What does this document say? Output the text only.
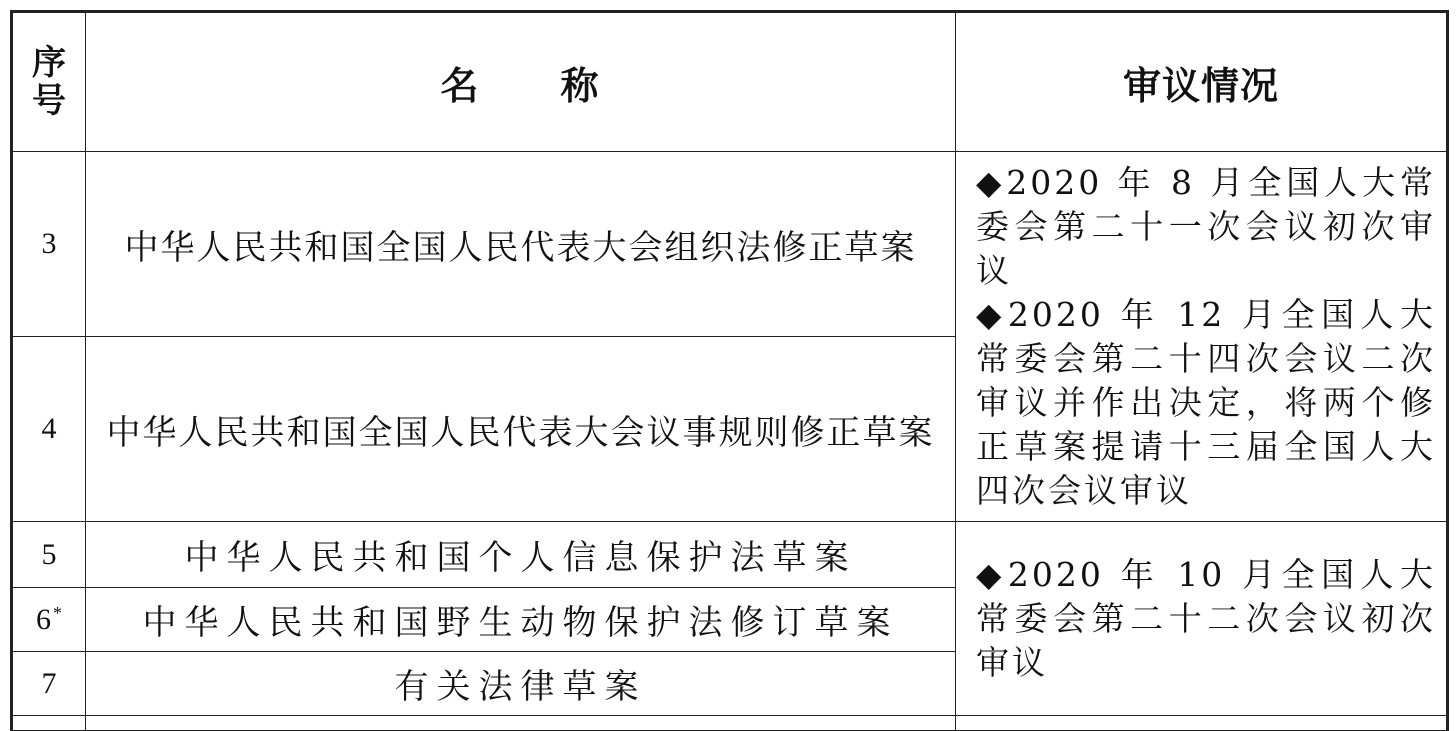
序
号	名 称	审议情况
3	中华人民共和国全国人民代表大会组织法修正草案	◆2020 年 8 月全国人大常委会第二十一次会议初次审议
◆2020 年 12 月全国人大常委会第二十四次会议二次审议并作出决定，将两个修正草案提请十三届全国人大四次会议审议

4	中华人民共和国全国人民代表大会议事规则修正草案	
5	中华人民共和国个人信息保护法草案	◆2020 年 10 月全国人大常委会第二十二次会议初次审议

6 *	中华人民共和国野生动物保护法修订草案	
7	有关法律草案	
